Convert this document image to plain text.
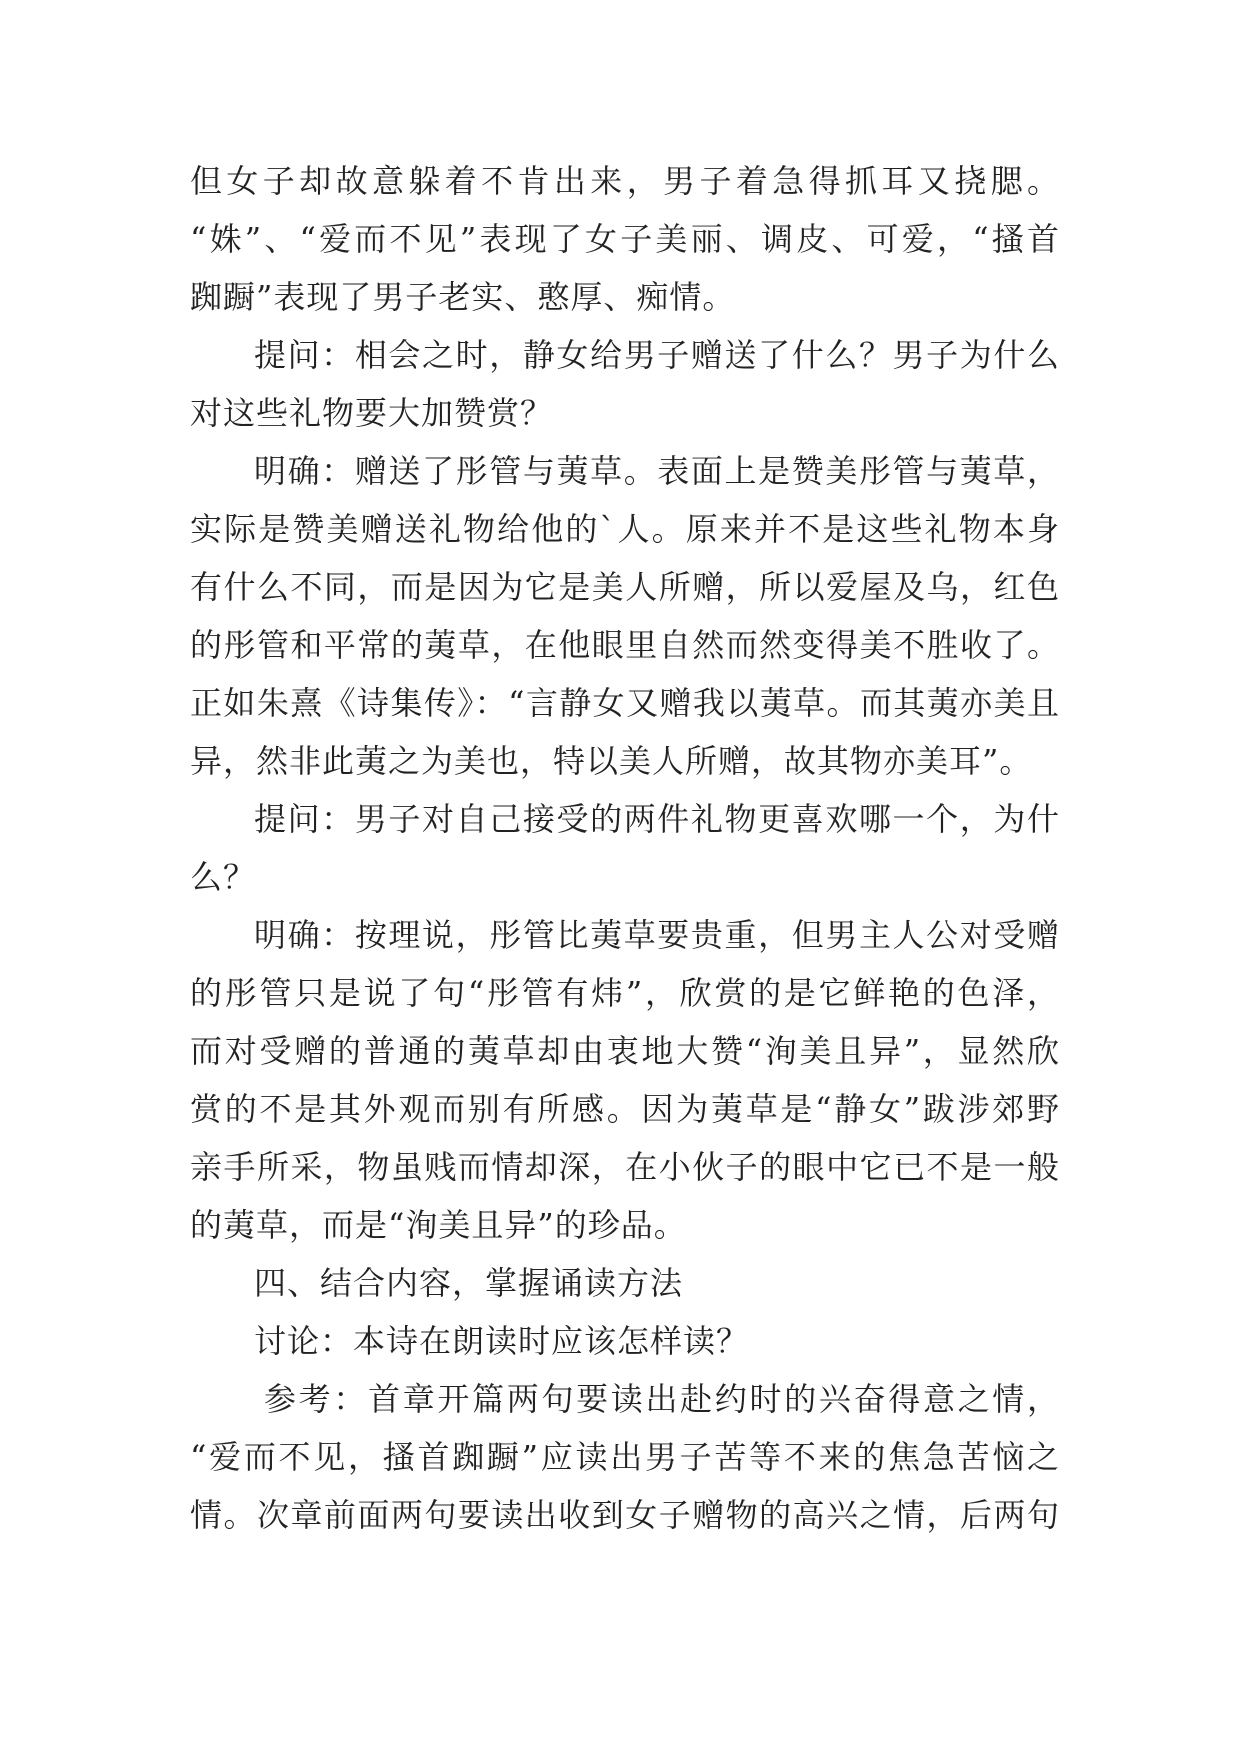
但女子却故意躲着不肯出来，男子着急得抓耳又挠腮。
“姝”、“爱而不见”表现了女子美丽、调皮、可爱，“搔首
踟蹰”表现了男子老实、憨厚、痴情。
提问：相会之时，静女给男子赠送了什么？男子为什么
对这些礼物要大加赞赏？
明确：赠送了彤管与荑草。表面上是赞美彤管与荑草，
实际是赞美赠送礼物给他的`人。原来并不是这些礼物本身
有什么不同，而是因为它是美人所赠，所以爱屋及乌，红色
的彤管和平常的荑草，在他眼里自然而然变得美不胜收了。
正如朱熹《诗集传》：“言静女又赠我以荑草。而其荑亦美且
异，然非此荑之为美也，特以美人所赠，故其物亦美耳”。
提问：男子对自己接受的两件礼物更喜欢哪一个，为什
么？
明确：按理说，彤管比荑草要贵重，但男主人公对受赠
的彤管只是说了句“彤管有炜”，欣赏的是它鲜艳的色泽，
而对受赠的普通的荑草却由衷地大赞“洵美且异”，显然欣
赏的不是其外观而别有所感。因为荑草是“静女”跋涉郊野
亲手所采，物虽贱而情却深，在小伙子的眼中它已不是一般
的荑草，而是“洵美且异”的珍品。
四、结合内容，掌握诵读方法
讨论：本诗在朗读时应该怎样读？
参考：首章开篇两句要读出赴约时的兴奋得意之情，
“爱而不见，搔首踟蹰”应读出男子苦等不来的焦急苦恼之
情。次章前面两句要读出收到女子赠物的高兴之情，后两句
